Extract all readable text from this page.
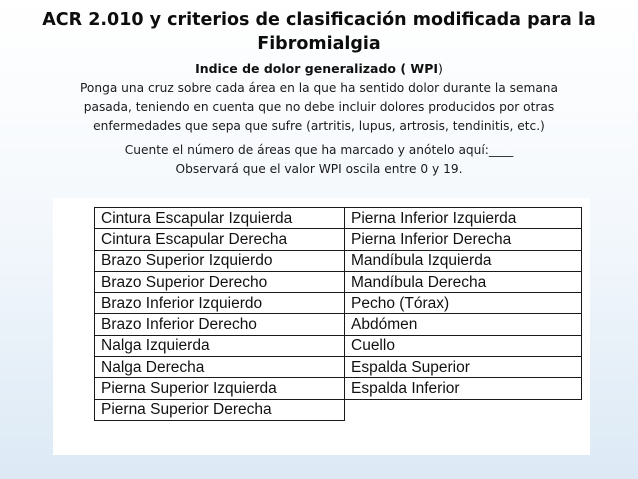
ACR 2.010 y criterios de clasificación modificada para la
Fibromialgia
Indice de dolor generalizado ( WPI)
Ponga una cruz sobre cada área en la que ha sentido dolor durante la semana
pasada, teniendo en cuenta que no debe incluir dolores producidos por otras
enfermedades que sepa que sufre (artritis, lupus, artrosis, tendinitis, etc.)
Cuente el número de áreas que ha marcado y anótelo aquí:____
Observará que el valor WPI oscila entre 0 y 19.
Cintura Escapular Izquierda	Pierna Inferior Izquierda
Cintura Escapular Derecha	Pierna Inferior Derecha
Brazo Superior Izquierdo	Mandíbula Izquierda
Brazo Superior Derecho	Mandíbula Derecha
Brazo Inferior Izquierdo	Pecho (Tórax)
Brazo Inferior Derecho	Abdómen
Nalga Izquierda	Cuello
Nalga Derecha	Espalda Superior
Pierna Superior Izquierda	Espalda Inferior
Pierna Superior Derecha	
